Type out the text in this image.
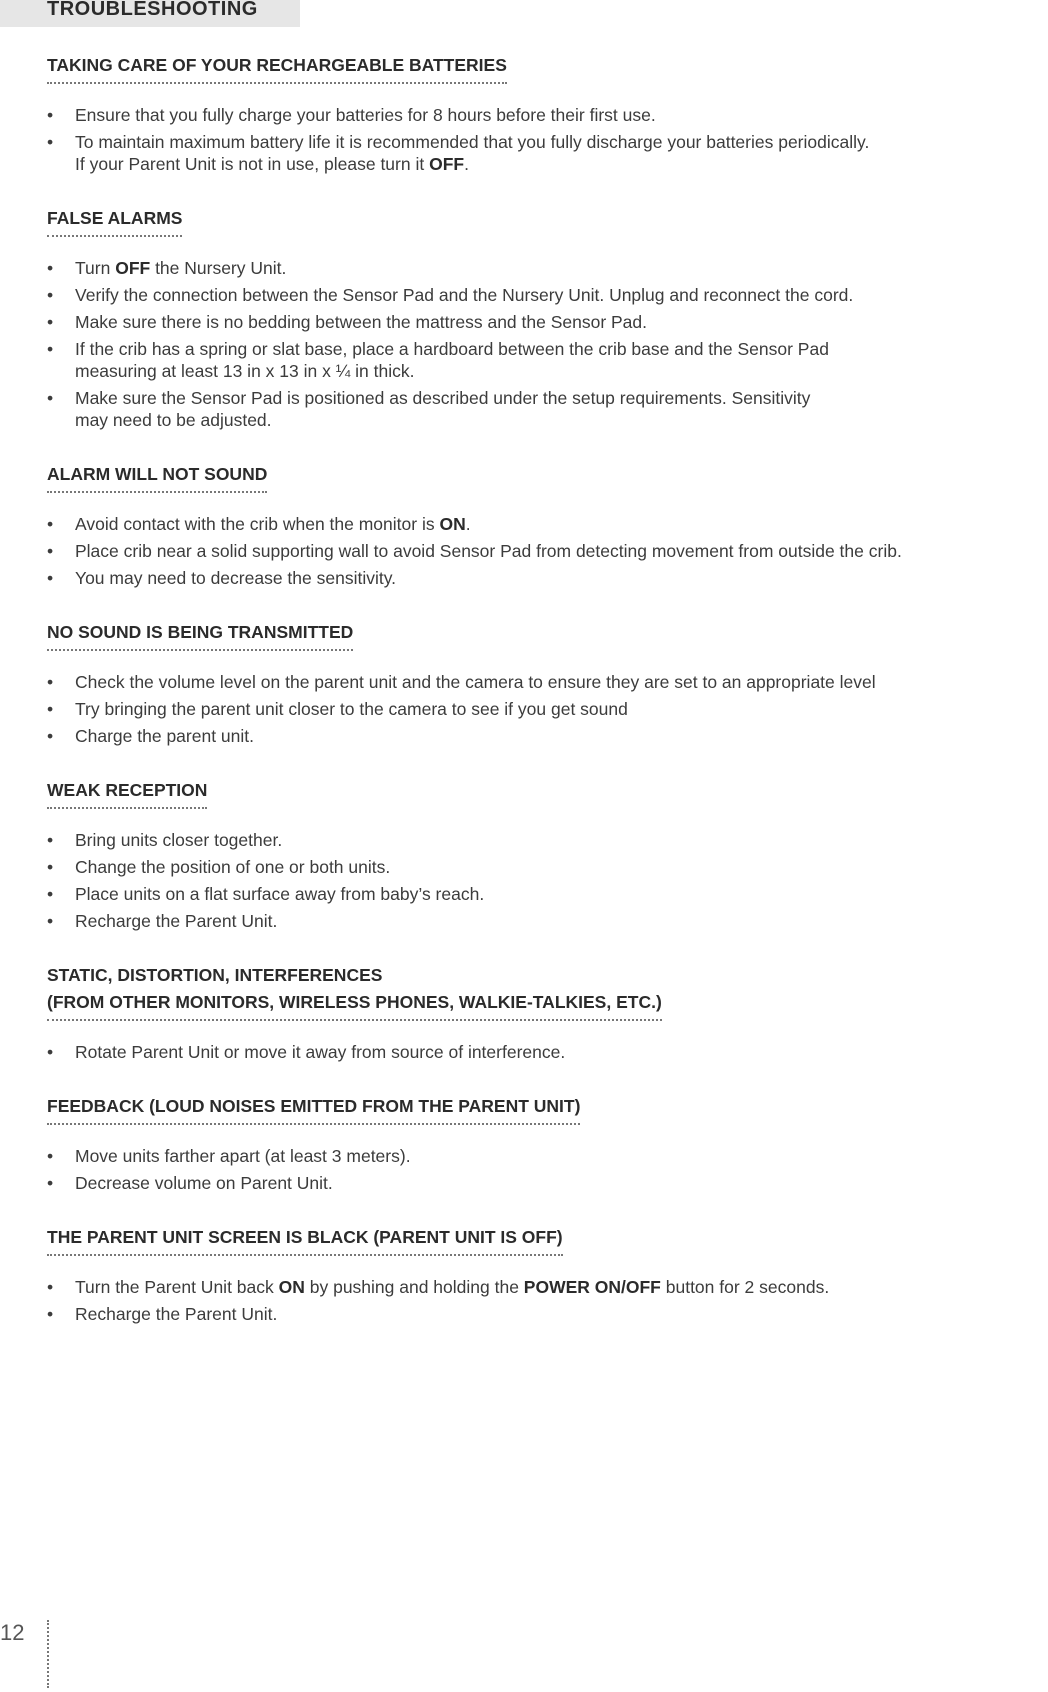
TROUBLESHOOTING
TAKING CARE OF YOUR RECHARGEABLE BATTERIES
• Ensure that you fully charge your batteries for 8 hours before their first use.
• To maintain maximum battery life it is recommended that you fully discharge your batteries periodically.
If your Parent Unit is not in use, please turn it OFF.
FALSE ALARMS
• Turn OFF the Nursery Unit.
• Verify the connection between the Sensor Pad and the Nursery Unit. Unplug and reconnect the cord.
• Make sure there is no bedding between the mattress and the Sensor Pad.
• If the crib has a spring or slat base, place a hardboard between the crib base and the Sensor Pad
measuring at least 13 in x 13 in x ¼ in thick.
• Make sure the Sensor Pad is positioned as described under the setup requirements. Sensitivity
may need to be adjusted.
ALARM WILL NOT SOUND
• Avoid contact with the crib when the monitor is ON.
• Place crib near a solid supporting wall to avoid Sensor Pad from detecting movement from outside the crib.
• You may need to decrease the sensitivity.
NO SOUND IS BEING TRANSMITTED
• Check the volume level on the parent unit and the camera to ensure they are set to an appropriate level
• Try bringing the parent unit closer to the camera to see if you get sound
• Charge the parent unit.
WEAK RECEPTION
• Bring units closer together.
• Change the position of one or both units.
• Place units on a flat surface away from baby’s reach.
• Recharge the Parent Unit.
STATIC, DISTORTION, INTERFERENCES
(FROM OTHER MONITORS, WIRELESS PHONES, WALKIE-TALKIES, ETC.)
• Rotate Parent Unit or move it away from source of interference.
FEEDBACK (LOUD NOISES EMITTED FROM THE PARENT UNIT)
• Move units farther apart (at least 3 meters).
• Decrease volume on Parent Unit.
THE PARENT UNIT SCREEN IS BLACK (PARENT UNIT IS OFF)
• Turn the Parent Unit back ON by pushing and holding the POWER ON/OFF button for 2 seconds.
• Recharge the Parent Unit.
12
